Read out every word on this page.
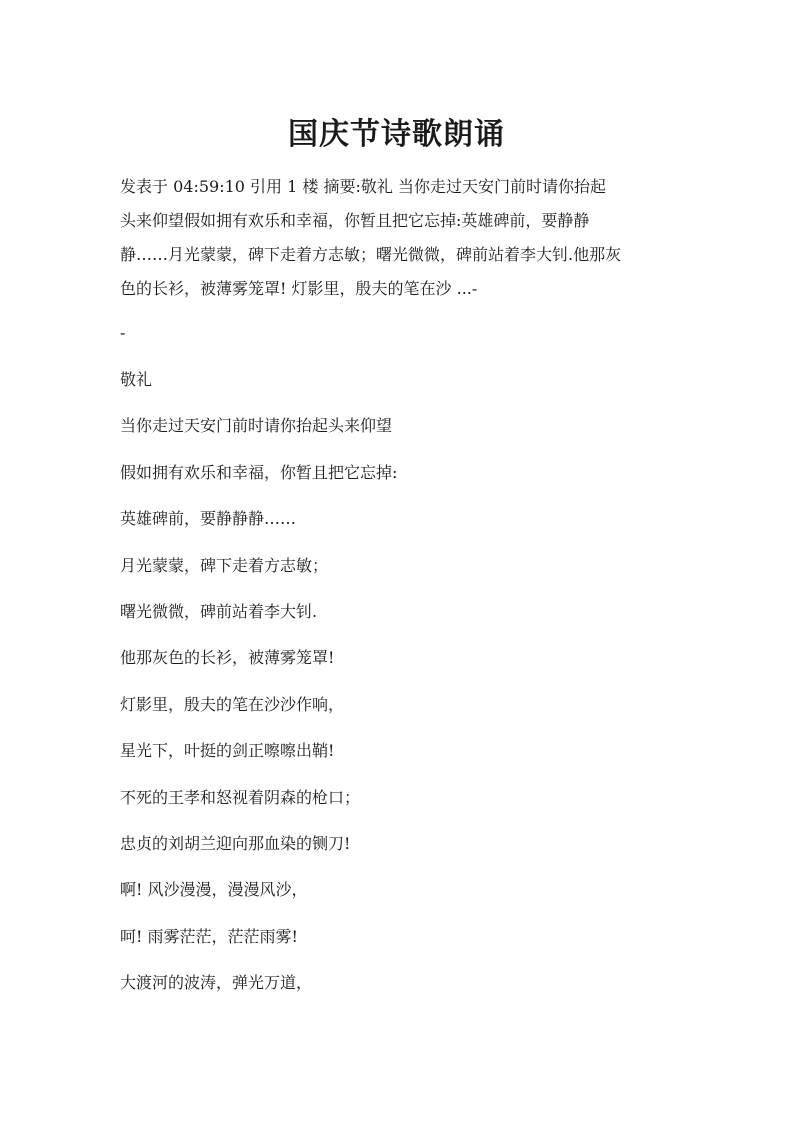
国庆节诗歌朗诵

发表于 04:59:10 引用 1 楼 摘要:敬礼 当你走过天安门前时请你抬起
头来仰望假如拥有欢乐和幸福，你暂且把它忘掉:英雄碑前，要静静
静……月光蒙蒙，碑下走着方志敏；曙光微微，碑前站着李大钊.他那灰
色的长衫，被薄雾笼罩! 灯影里，殷夫的笔在沙 ...-

-

敬礼
当你走过天安门前时请你抬起头来仰望
假如拥有欢乐和幸福，你暂且把它忘掉:
英雄碑前，要静静静……
月光蒙蒙，碑下走着方志敏；
曙光微微，碑前站着李大钊.
他那灰色的长衫，被薄雾笼罩!
灯影里，殷夫的笔在沙沙作响，
星光下，叶挺的剑正嚓嚓出鞘!
不死的王孝和怒视着阴森的枪口；
忠贞的刘胡兰迎向那血染的铡刀!
啊! 风沙漫漫，漫漫风沙，
呵! 雨雾茫茫，茫茫雨雾!
大渡河的波涛，弹光万道，
